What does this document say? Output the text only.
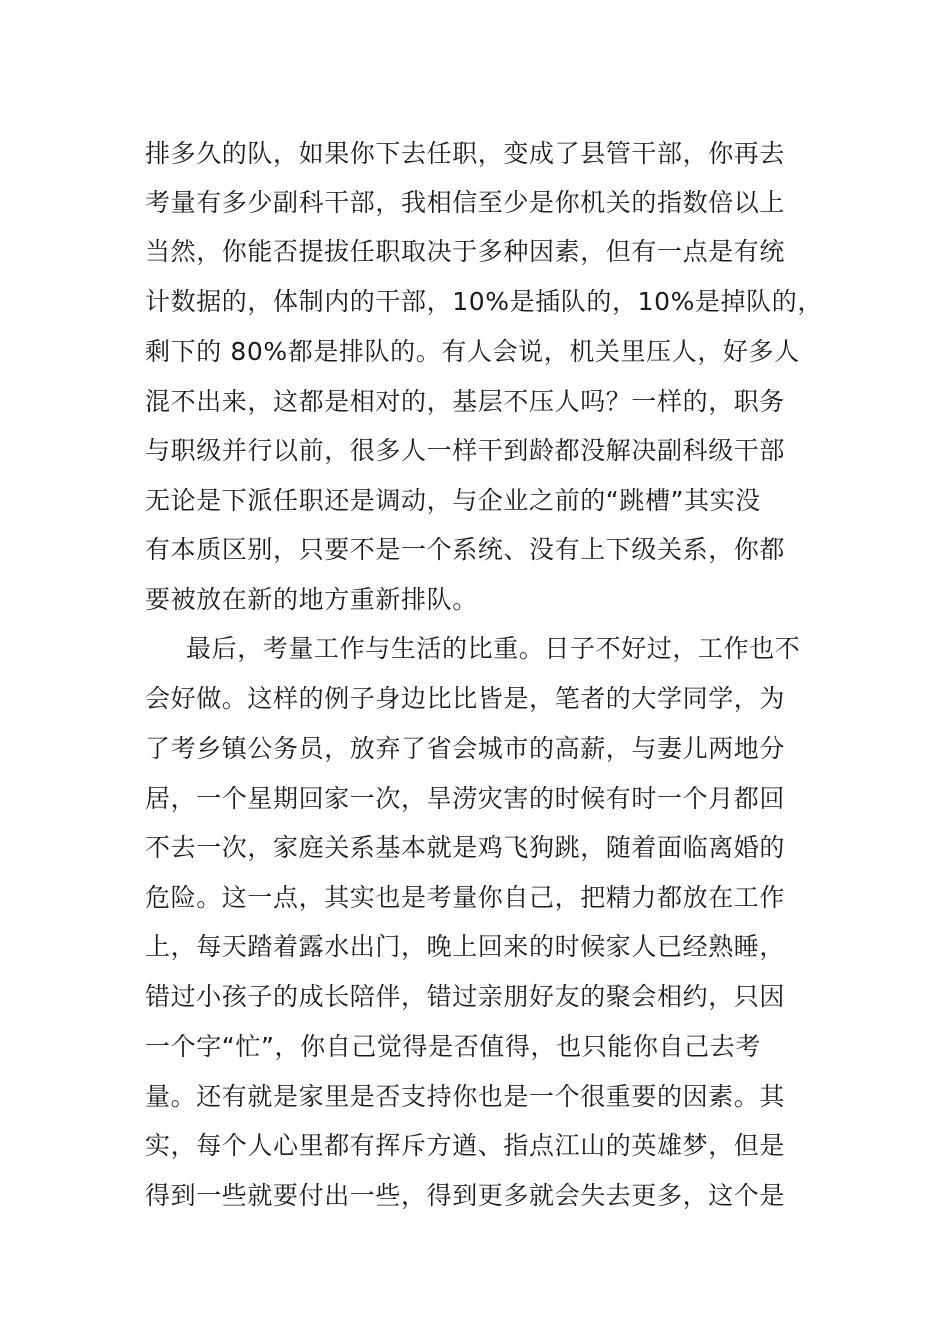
排多久的队，如果你下去任职，变成了县管干部，你再去
考量有多少副科干部，我相信至少是你机关的指数倍以上
当然，你能否提拔任职取决于多种因素，但有一点是有统
计数据的，体制内的干部，10%是插队的，10%是掉队的，
剩下的 80%都是排队的。有人会说，机关里压人，好多人
混不出来，这都是相对的，基层不压人吗？一样的，职务
与职级并行以前，很多人一样干到龄都没解决副科级干部
无论是下派任职还是调动，与企业之前的“跳槽”其实没
有本质区别，只要不是一个系统、没有上下级关系，你都
要被放在新的地方重新排队。
最后，考量工作与生活的比重。日子不好过，工作也不
会好做。这样的例子身边比比皆是，笔者的大学同学，为
了考乡镇公务员，放弃了省会城市的高薪，与妻儿两地分
居，一个星期回家一次，旱涝灾害的时候有时一个月都回
不去一次，家庭关系基本就是鸡飞狗跳，随着面临离婚的
危险。这一点，其实也是考量你自己，把精力都放在工作
上，每天踏着露水出门，晚上回来的时候家人已经熟睡，
错过小孩子的成长陪伴，错过亲朋好友的聚会相约，只因
一个字“忙”，你自己觉得是否值得，也只能你自己去考
量。还有就是家里是否支持你也是一个很重要的因素。其
实，每个人心里都有挥斥方遒、指点江山的英雄梦，但是
得到一些就要付出一些，得到更多就会失去更多，这个是
